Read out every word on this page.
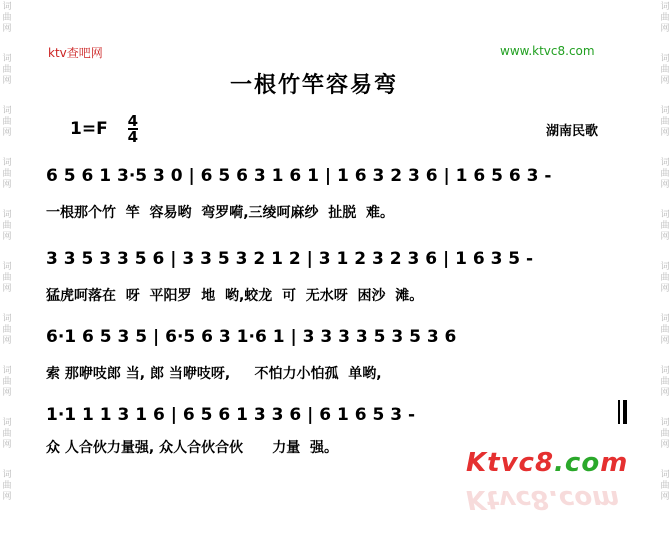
词
曲
网
词
曲
网
词
曲
网
词
曲
网
词
曲
网
词
曲
网
词
曲
网
词
曲
网
词
曲
网
词
曲
网
词
曲
网
词
曲
网
词
曲
网
词
曲
网
词
曲
网
词
曲
网
词
曲
网
词
曲
网
词
曲
网
词
曲
网
ktv查吧网	www.ktvc8.com
一根竹竿容易弯
$1=F \frac{4}{4}$	湖南民歌
6 5 6 1 3·5 3 0 | 6 5 6 3 1 6 1 | 1 6 3 2 3 6 | 1 6 5 6 3 -
一根那个竹  竿  容易哟  弯罗嗬,三绫呵麻纱  扯脱  难。
3 3 5 3 3 5 6 | 3 3 5 3 2 1 2 | 3 1 2 3 2 3 6 | 1 6 3 5 -
猛虎呵落在  呀  平阳罗  地  哟,蛟龙  可  无水呀  困沙  滩。
6·1 6 5 3 5 | 6·5 6 3 1·6 1 | 3 3 3 3 5 3 5 3 6
索 那咿吱郎 当, 郎 当咿吱呀,     不怕力小怕孤  单哟,
1·1 1 1 3 1 6 | 6 5 6 1 3 3 6 | 6 1 6 5 3 -
众 人合伙力量强, 众人合伙合伙      力量  强。	Ktvc8.com
Ktvc8.com
